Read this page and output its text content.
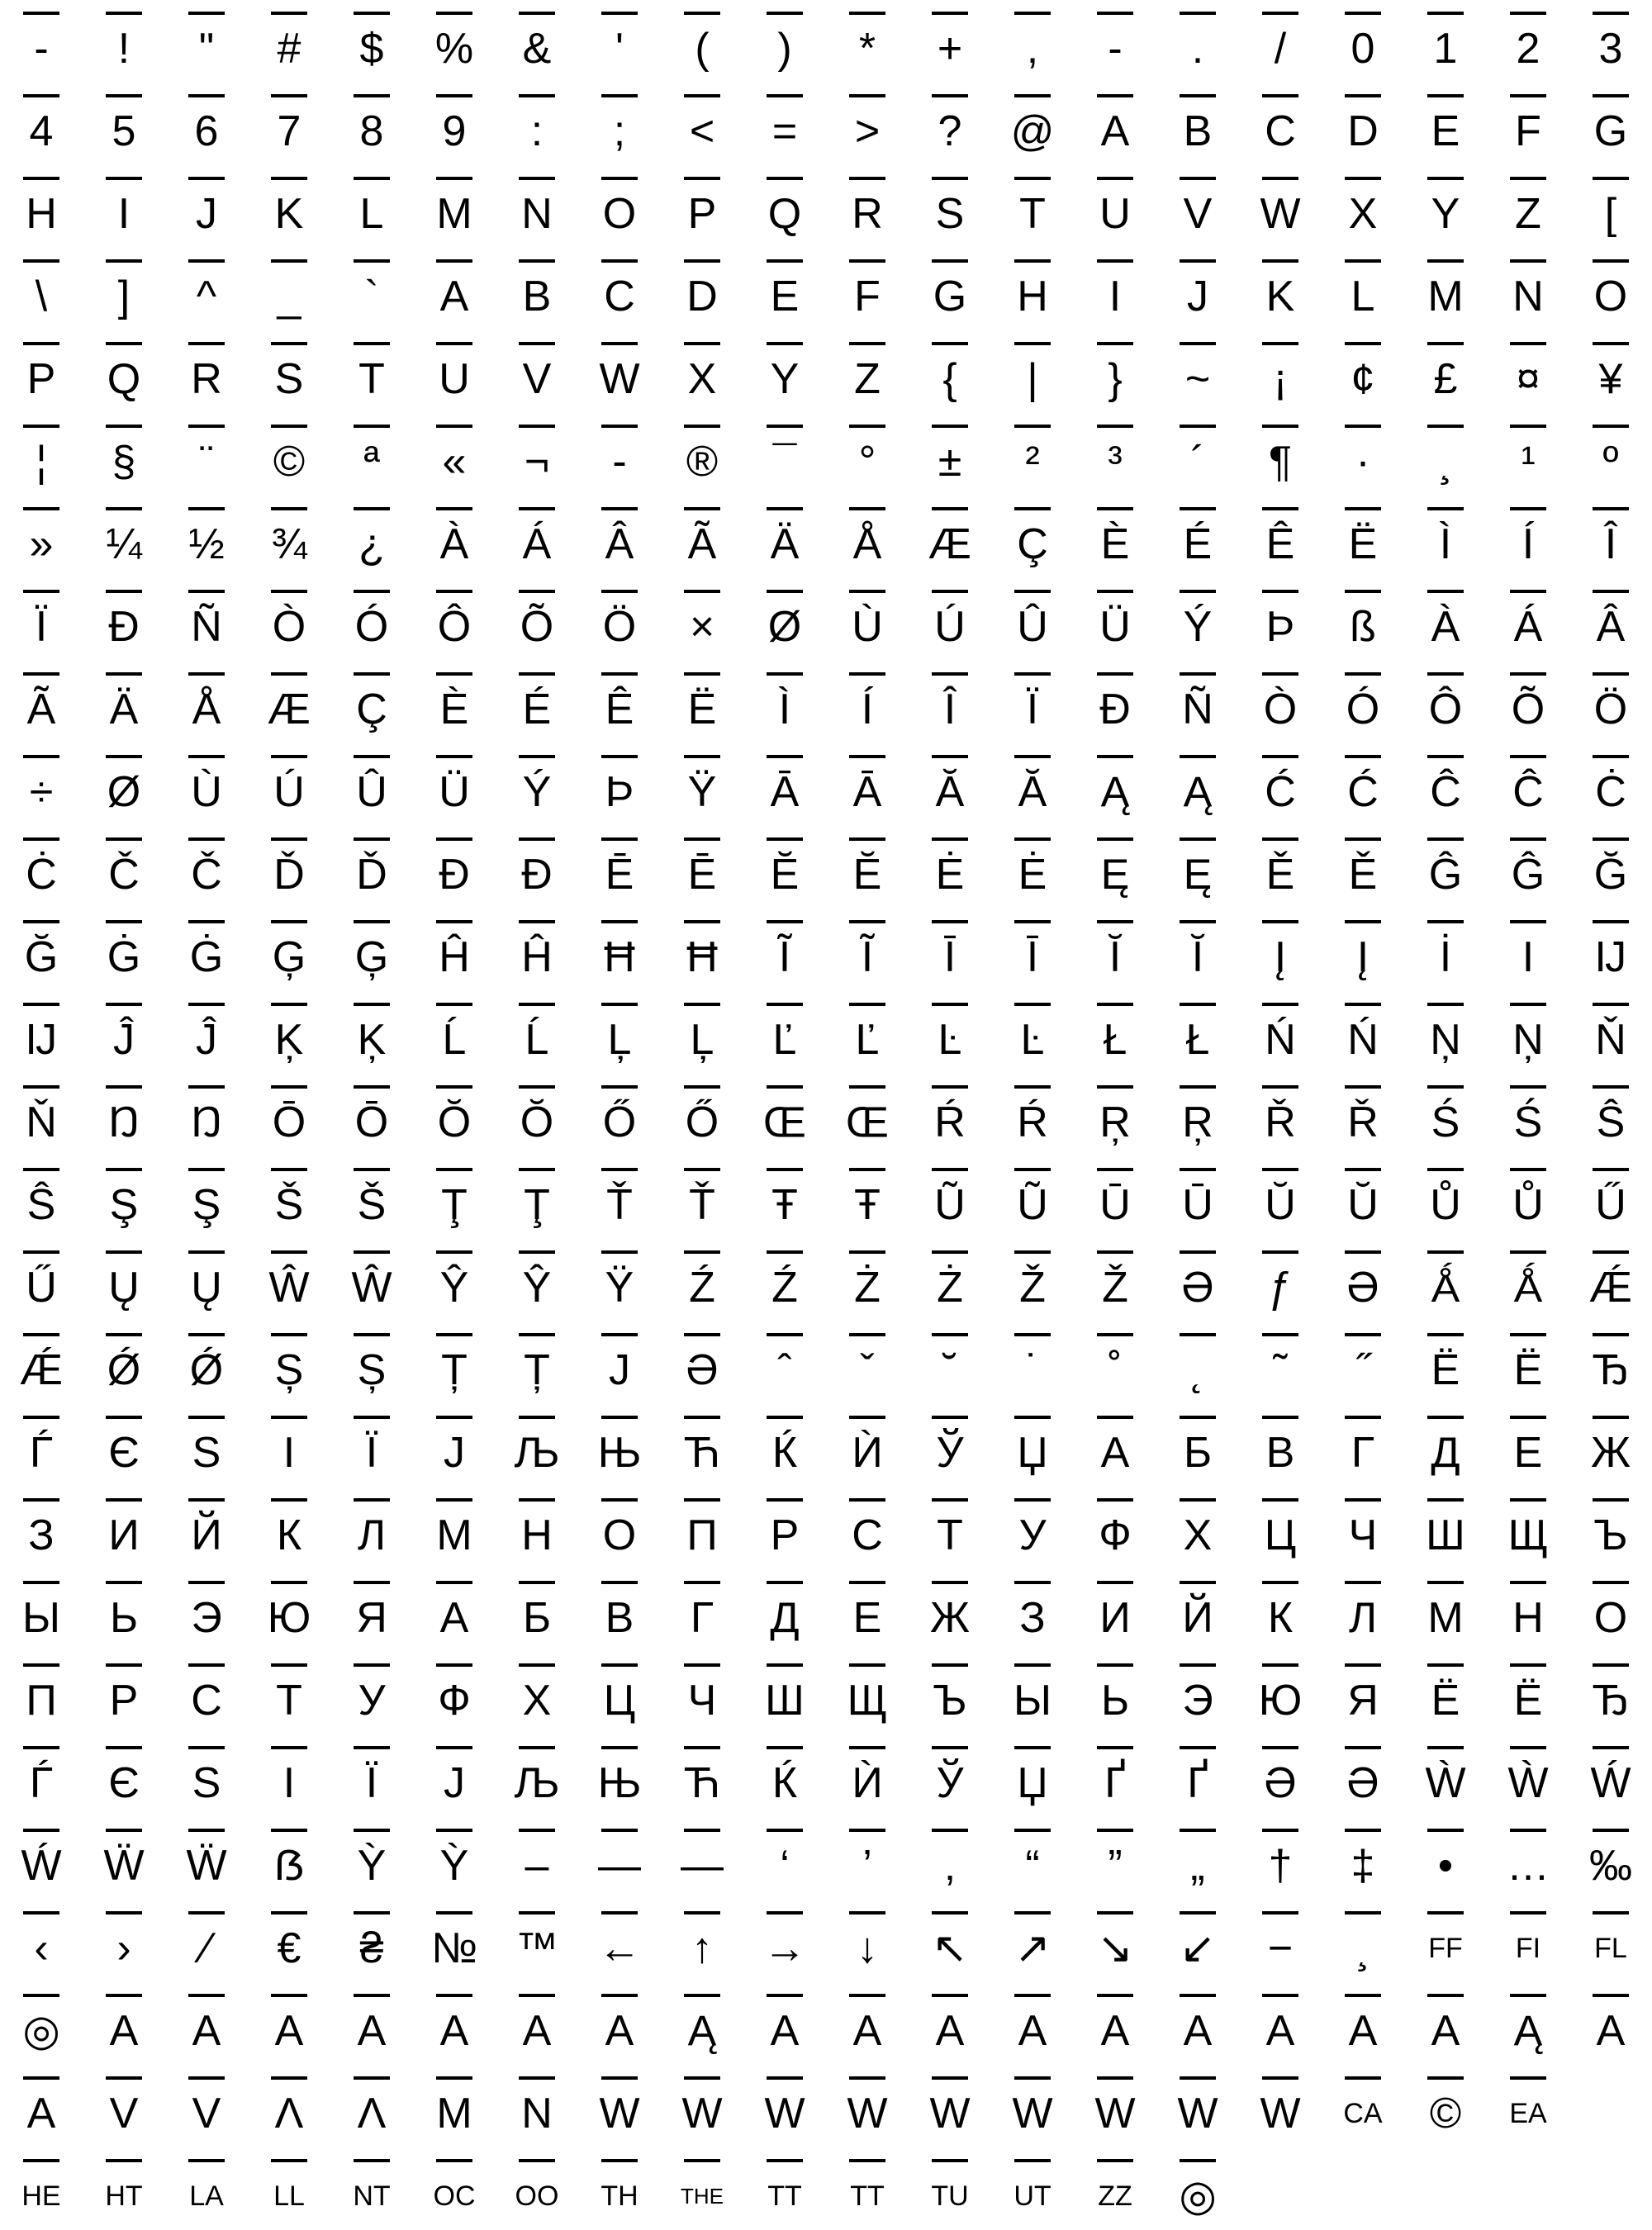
- ! " # $ % & ' ( ) * + , - . / 0 1 2 3
4 5 6 7 8 9 : ; < = > ? @ A B C D E F G
H I J K L M N O P Q R S T U V W X Y Z [
\ ] ^ _ ` A B C D E F G H I J K L M N O
P Q R S T U V W X Y Z { | } ~ ¡ ¢ £ ¤ ¥
¦ § ¨ © ª « ¬ - ® ¯ ° ± ² ³ ´ ¶ · ¸ ¹ º
» ¼ ½ ¾ ¿ À Á Â Ã Ä Å Æ Ç È É Ê Ë Ì Í Î
Ï Ð Ñ Ò Ó Ô Õ Ö × Ø Ù Ú Û Ü Ý Þ ß À Á Â
Ã Ä Å Æ Ç È É Ê Ë Ì Í Î Ï Ð Ñ Ò Ó Ô Õ Ö
÷ Ø Ù Ú Û Ü Ý Þ Ÿ Ā Ā Ă Ă Ą Ą Ć Ć Ĉ Ĉ Ċ
Ċ Č Č Ď Ď Đ Đ Ē Ē Ĕ Ĕ Ė Ė Ę Ę Ě Ě Ĝ Ĝ Ğ
Ğ Ġ Ġ Ģ Ģ Ĥ Ĥ Ħ Ħ Ĩ Ĩ Ī Ī Ĭ Ĭ Į Į İ I Ĳ
Ĳ Ĵ Ĵ Ķ Ķ Ĺ Ĺ Ļ Ļ Ľ Ľ Ŀ Ŀ Ł Ł Ń Ń Ņ Ņ Ň
Ň Ŋ Ŋ Ō Ō Ŏ Ŏ Ő Ő Œ Œ Ŕ Ŕ Ŗ Ŗ Ř Ř Ś Ś Ŝ
Ŝ Ş Ş Š Š Ţ Ţ Ť Ť Ŧ Ŧ Ũ Ũ Ū Ū Ŭ Ŭ Ů Ů Ű
Ű Ų Ų Ŵ Ŵ Ŷ Ŷ Ÿ Ź Ź Ż Ż Ž Ž Ə ƒ Ə Ǻ Ǻ Ǽ
Ǽ Ǿ Ǿ Ș Ș Ț Ț J Ə ˆ ˇ ˘ ˙ ˚ ˛ ˜ ˝ Ё Ё Ђ
Ѓ Є Ѕ І Ї Ј Љ Њ Ћ Ќ Ѝ Ў Џ А Б В Г Д Е Ж
З И Й К Л М Н О П Р С Т У Ф Х Ц Ч Ш Щ Ъ
Ы Ь Э Ю Я А Б В Г Д Е Ж З И Й К Л М Н О
П Р С Т У Ф Х Ц Ч Ш Щ Ъ Ы Ь Э Ю Я Ё Ё Ђ
Ѓ Є Ѕ І Ї Ј Љ Њ Ћ Ќ Ѝ Ў Џ Ґ Ґ Ə Ə Ẁ Ẁ Ẃ
Ẃ Ẅ Ẅ ẞ Ỳ Ỳ – — ― ‘ ’ ‚ “ ” „ † ‡ • … ‰
‹ › ⁄ € ₴ № ™ ← ↑ → ↓ ↖ ↗ ↘ ↙ − ¸ FF FI FL
◎ A A A A A A A Ą A A A A A A A A A Ą A
A V V Λ Λ M N W W W W W W W W W CA © EA
HE HT LA LL NT OC OO TH THE TT TT TU UT ZZ ◎
